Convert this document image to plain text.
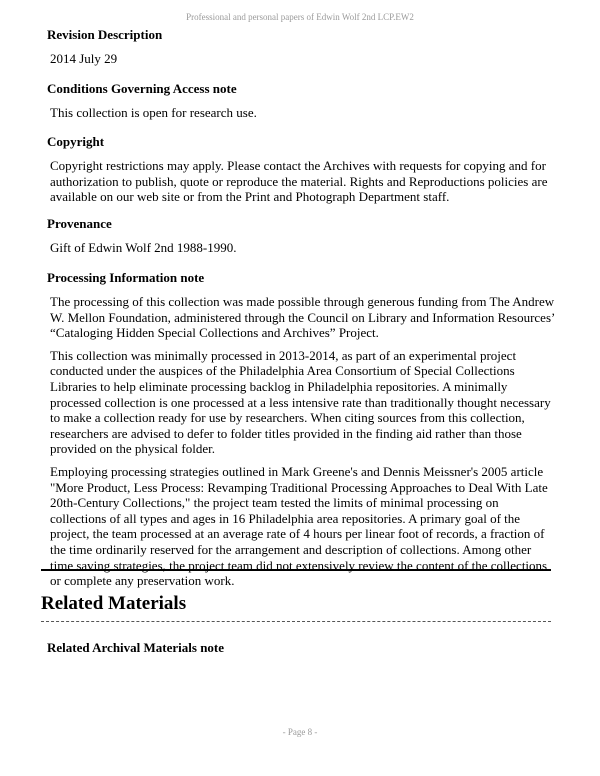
Professional and personal papers of Edwin Wolf 2nd LCP.EW2

Revision Description

2014 July 29

Conditions Governing Access note

This collection is open for research use.

Copyright

Copyright restrictions may apply. Please contact the Archives with requests for copying and for authorization to publish, quote or reproduce the material. Rights and Reproductions policies are available on our web site or from the Print and Photograph Department staff.

Provenance

Gift of Edwin Wolf 2nd 1988-1990.

Processing Information note

The processing of this collection was made possible through generous funding from The Andrew W. Mellon Foundation, administered through the Council on Library and Information Resources’ “Cataloging Hidden Special Collections and Archives” Project.

This collection was minimally processed in 2013-2014, as part of an experimental project conducted under the auspices of the Philadelphia Area Consortium of Special Collections Libraries to help eliminate processing backlog in Philadelphia repositories. A minimally processed collection is one processed at a less intensive rate than traditionally thought necessary to make a collection ready for use by researchers. When citing sources from this collection, researchers are advised to defer to folder titles provided in the finding aid rather than those provided on the physical folder.

Employing processing strategies outlined in Mark Greene's and Dennis Meissner's 2005 article "More Product, Less Process: Revamping Traditional Processing Approaches to Deal With Late 20th-Century Collections," the project team tested the limits of minimal processing on collections of all types and ages in 16 Philadelphia area repositories. A primary goal of the project, the team processed at an average rate of 4 hours per linear foot of records, a fraction of the time ordinarily reserved for the arrangement and description of collections. Among other time saving strategies, the project team did not extensively review the content of the collections or complete any preservation work.

Related Materials
Related Archival Materials note

- Page 8 -
